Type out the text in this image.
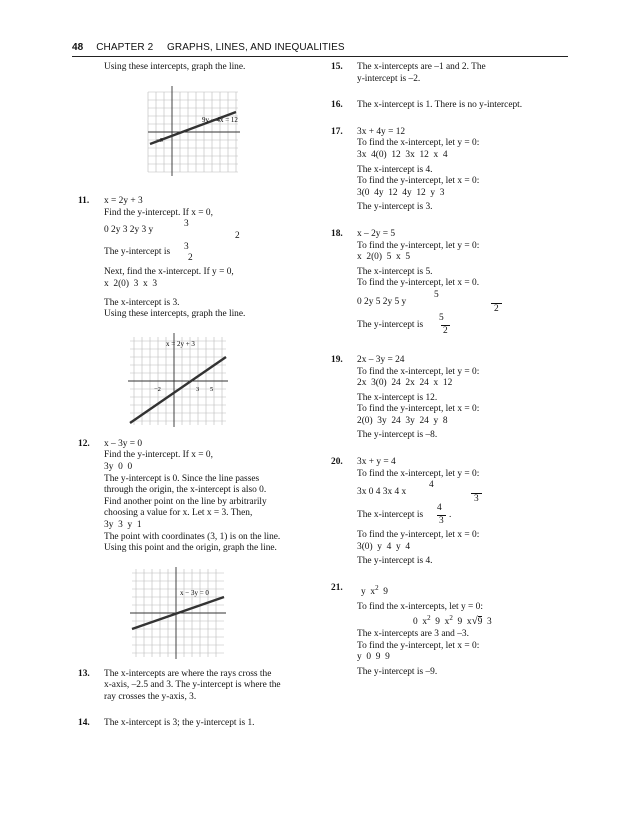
48 CHAPTER 2 GRAPHS, LINES, AND INEQUALITIES

Using these intercepts, graph the line.

9y − 4x = 12
−3
11. x = 2y + 3

Find the y-intercept. If x = 0,

0 2y 3 2y 3 y
3
2
The y-intercept is 3
2

Next, find the x-intercept. If y = 0,

x  2(0)  3  x  3

The x-intercept is 3.

Using these intercepts, graph the line.

x = 2y + 3
−2	3 5
12. x – 3y = 0

Find the y-intercept. If x = 0,

3y  0  0

The y-intercept is 0. Since the line passes

through the origin, the x-intercept is also 0.

Find another point on the line by arbitrarily

choosing a value for x. Let x = 3. Then,

3y  3  y  1

The point with coordinates (3, 1) is on the line.

Using this point and the origin, graph the line.

x − 3y = 0
13. The x-intercepts are where the rays cross the

x-axis, –2.5 and 3. The y-intercept is where the

ray crosses the y-axis, 3.

14. The x-intercept is 3; the y-intercept is 1.

15. The x-intercepts are –1 and 2. The

y-intercept is –2.

16. The x-intercept is 1. There is no y-intercept.

17. 3x + 4y = 12

To find the x-intercept, let y = 0:

3x  4(0)  12  3x  12  x  4

The x-intercept is 4.

To find the y-intercept, let x = 0:

3(0  4y  12  4y  12  y  3

The y-intercept is 3.

18. x – 2y = 5

To find the y-intercept, let y = 0:

x  2(0)  5  x  5

The x-intercept is 5.

To find the y-intercept, let x = 0.

0 2y 5 2y 5 y
5
2
The y-intercept is
5
2
19. 2x – 3y = 24

To find the x-intercept, let y = 0:

2x  3(0)  24  2x  24  x  12

The x-intercept is 12.

To find the y-intercept, let x = 0:

2(0)  3y  24  3y  24  y  8

The y-intercept is –8.

20. 3x + y = 4

To find the x-intercept, let y = 0:

3x 0 4 3x 4 x
4
3
The x-intercept is
4
3
.

To find the y-intercept, let x = 0:

3(0)  y  4  y  4

The y-intercept is 4.

21.	y  $x^2$  9

To find the x-intercepts, let y = 0:

0  $x^2$  9  $x^2$  9  x√9  3

The x-intercepts are 3 and –3.

To find the y-intercept, let x = 0:

y  0  9  9

The y-intercept is –9.
